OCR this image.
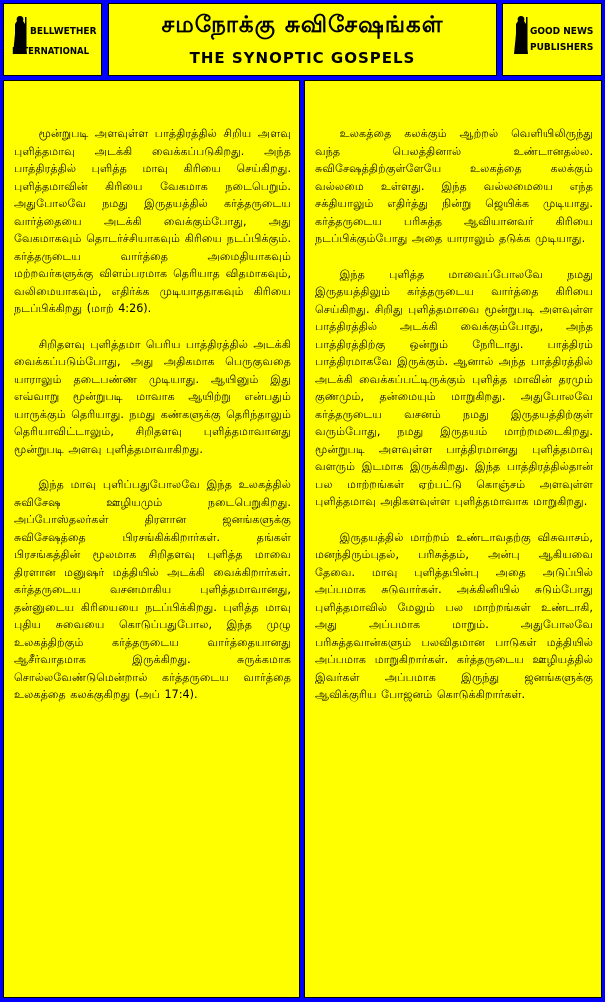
BELLWETHER
INTERNATIONAL
சமநோக்கு சுவிசேஷங்கள்
THE SYNOPTIC GOSPELS
GOOD NEWS
PUBLISHERS

மூன்றுபடி அளவுள்ள பாத்திரத்தில் சிறிய அளவு புளித்தமாவு அடக்கி வைக்கப்படுகிறது. அந்த பாத்திரத்தில் புளித்த மாவு கிரியை செய்கிறது. புளித்தமாவின் கிரியை வேகமாக நடைபெறும். அதுபோலவே நமது இருதயத்தில் கர்த்தருடைய வார்த்தையை அடக்கி வைக்கும்போது, அது வேகமாகவும் தொடர்ச்சியாகவும் கிரியை நடப்பிக்கும். கர்த்தருடைய வார்த்தை அமைதியாகவும் மற்றவர்களுக்கு விளம்பரமாக தெரியாத விதமாகவும், வலிமையாகவும், எதிர்க்க முடியாததாகவும் கிரியை நடப்பிக்கிறது (மாற் 4:26).

சிறிதளவு புளித்தமா பெரிய பாத்திரத்தில் அடக்கி வைக்கப்படும்போது, அது அதிகமாக பெருகுவதை யாராலும் தடைபண்ண முடியாது. ஆயினும் இது எவ்வாறு மூன்றுபடி மாவாக ஆயிற்று என்பதும் யாருக்கும் தெரியாது. நமது கண்களுக்கு தெரிந்தாலும் தெரியாவிட்டாலும், சிறிதளவு புளித்தமாவானது மூன்றுபடி அளவு புளித்தமாவாகிறது.

இந்த மாவு புளிப்பதுபோலவே இந்த உலகத்தில் சுவிசேஷ ஊழியமும் நடைபெறுகிறது. அப்போஸ்தலர்கள் திரளான ஜனங்களுக்கு சுவிசேஷத்தை பிரசங்கிக்கிறார்கள். தங்கள் பிரசங்கத்தின் மூலமாக சிறிதளவு புளித்த மாவை திரளான மனுஷர் மத்தியில் அடக்கி வைக்கிறார்கள். கர்த்தருடைய வசனமாகிய புளித்தமாவானது, தன்னுடைய கிரியையை நடப்பிக்கிறது. புளித்த மாவு புதிய சுவையை கொடுப்பதுபோல, இந்த முழு உலகத்திற்கும் கர்த்தருடைய வார்த்தையானது ஆசீர்வாதமாக இருக்கிறது. சுருக்கமாக சொல்லவேண்டுமென்றால் கர்த்தருடைய வார்த்தை உலகத்தை கலக்குகிறது (அப் 17:4).

உலகத்தை கலக்கும் ஆற்றல் வெளியிலிருந்து வந்த பெலத்தினால் உண்டானதல்ல. சுவிசேஷத்திற்குள்ளேயே உலகத்தை கலக்கும் வல்லமை உள்ளது. இந்த வல்லமையை எந்த சக்தியாலும் எதிர்த்து நின்று ஜெயிக்க முடியாது. கர்த்தருடைய பரிசுத்த ஆவியானவர் கிரியை நடப்பிக்கும்போது அதை யாராலும் தடுக்க முடியாது.

இந்த புளித்த மாவைப்போலவே நமது இருதயத்திலும் கர்த்தருடைய வார்த்தை கிரியை செய்கிறது. சிறிது புளித்தமாவை மூன்றுபடி அளவுள்ள பாத்திரத்தில் அடக்கி வைக்கும்போது, அந்த பாத்திரத்திற்கு ஒன்றும் நேரிடாது. பாத்திரம் பாத்திரமாகவே இருக்கும். ஆனால் அந்த பாத்திரத்தில் அடக்கி வைக்கப்பட்டிருக்கும் புளித்த மாவின் தரமும் குணமும், தன்மையும் மாறுகிறது. அதுபோலவே கர்த்தருடைய வசனம் நமது இருதயத்திற்குள் வரும்போது, நமது இருதயம் மாற்றமடைகிறது. மூன்றுபடி அளவுள்ள பாத்திரமானது புளித்தமாவு வளரும் இடமாக இருக்கிறது. இந்த பாத்திரத்தில்தான் பல மாற்றங்கள் ஏற்பட்டு கொஞ்சம் அளவுள்ள புளித்தமாவு அதிகளவுள்ள புளித்தமாவாக மாறுகிறது.

இருதயத்தில் மாற்றம் உண்டாவதற்கு விசுவாசம், மனந்திரும்புதல், பரிசுத்தம், அன்பு ஆகியவை தேவை. மாவு புளித்தபின்பு அதை அடுப்பில் அப்பமாக சுடுவார்கள். அக்கினியில் சுடும்போது புளித்தமாவில் மேலும் பல மாற்றங்கள் உண்டாகி, அது அப்பமாக மாறும். அதுபோலவே பரிசுத்தவான்களும் பலவிதமான பாடுகள் மத்தியில் அப்பமாக மாறுகிறார்கள். கர்த்தருடைய ஊழியத்தில் இவர்கள் அப்பமாக இருந்து ஜனங்களுக்கு ஆவிக்குரிய போஜனம் கொடுக்கிறார்கள்.
